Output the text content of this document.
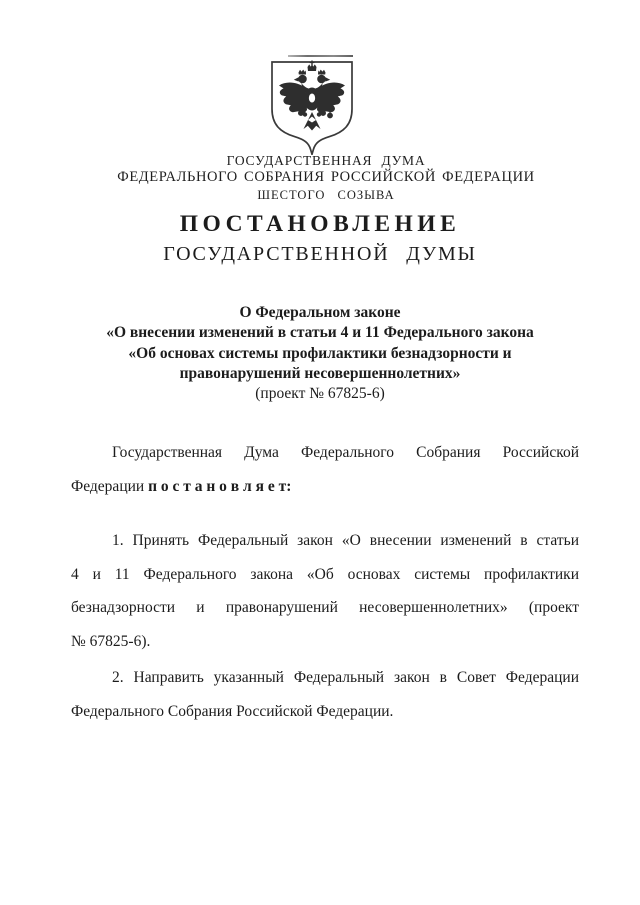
ГОСУДАРСТВЕННАЯ ДУМА
ФЕДЕРАЛЬНОГО СОБРАНИЯ РОССИЙСКОЙ ФЕДЕРАЦИИ
ШЕСТОГО СОЗЫВА
ПОСТАНОВЛЕНИЕ
ГОСУДАРСТВЕННОЙ ДУМЫ
О Федеральном законе
«О внесении изменений в статьи 4 и 11 Федерального закона
«Об основах системы профилактики безнадзорности и
правонарушений несовершеннолетних»
(проект № 67825-6)
Государственная Дума Федерального Собрания Российской
Федерации п о с т а н о в л я е т:
1. Принять Федеральный закон «О внесении изменений в статьи
4 и 11 Федерального закона «Об основах системы профилактики
безнадзорности и правонарушений несовершеннолетних» (проект
№ 67825-6).
2. Направить указанный Федеральный закон в Совет Федерации
Федерального Собрания Российской Федерации.
